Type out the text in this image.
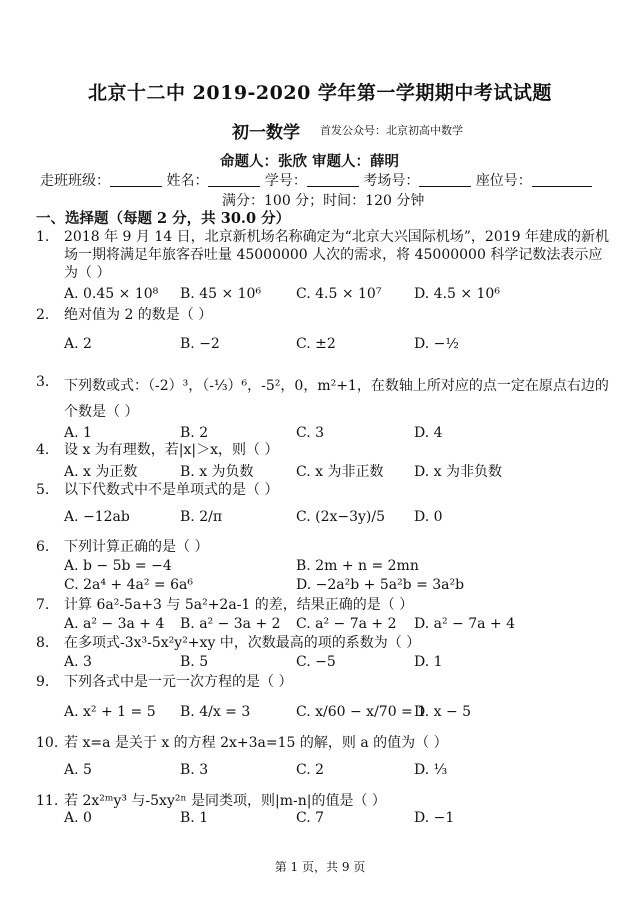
北京十二中 2019-2020 学年第一学期期中考试试题
初一数学 首发公众号：北京初高中数学
命题人：张欣 审题人：薛明
走班班级：	姓名：	学号：	考场号：	座位号：
满分：100 分；时间：120 分钟
一、选择题（每题 2 分，共 30.0 分）
1.	2018 年 9 月 14 日，北京新机场名称确定为“北京大兴国际机场”，2019 年建成的新机场一期将满足年旅客吞吐量 45000000 人次的需求，将 45000000 科学记数法表示应为（ ）
A. 0.45 × 10⁸ B. 45 × 10⁶ C. 4.5 × 10⁷ D. 4.5 × 10⁶
2.	绝对值为 2 的数是（ ）
A. 2	B. −2	C. ±2	D. −½
3.	下列数或式：（-2）³，（-⅓）⁶，-5²，0，m²+1，在数轴上所对应的点一定在原点右边的个数是（ ）
A. 1	B. 2	C. 3	D. 4
4.	设 x 为有理数，若|x|＞x，则（ ）
A. x 为正数	B. x 为负数	C. x 为非正数 D. x 为非负数
5.	以下代数式中不是单项式的是（ ）
A. −12ab	B. 2/π	C. (2x−3y)/5 D. 0
6.	下列计算正确的是（ ）
A. b − 5b = −4	B. 2m + n = 2mn
C. 2a⁴ + 4a² = 6a⁶	D. −2a²b + 5a²b = 3a²b
7.	计算 6a²-5a+3 与 5a²+2a-1 的差，结果正确的是（ ）
A. a² − 3a + 4 B. a² − 3a + 2 C. a² − 7a + 2 D. a² − 7a + 4
8.	在多项式-3x³-5x²y²+xy 中，次数最高的项的系数为（ ）
A. 3	B. 5	C. −5	D. 1
9.	下列各式中是一元一次方程的是（ ）
A. x² + 1 = 5 B. 4/x = 3	C. x/60 − x/70 = 1
D. x − 5
10. 若 x=a 是关于 x 的方程 2x+3a=15 的解，则 a 的值为（ ）
A. 5	B. 3	C. 2	D. ⅓
11. 若 2x²ᵐy³ 与-5xy²ⁿ 是同类项，则|m-n|的值是（ ）
A. 0	B. 1	C. 7	D. −1
第 1 页，共 9 页
